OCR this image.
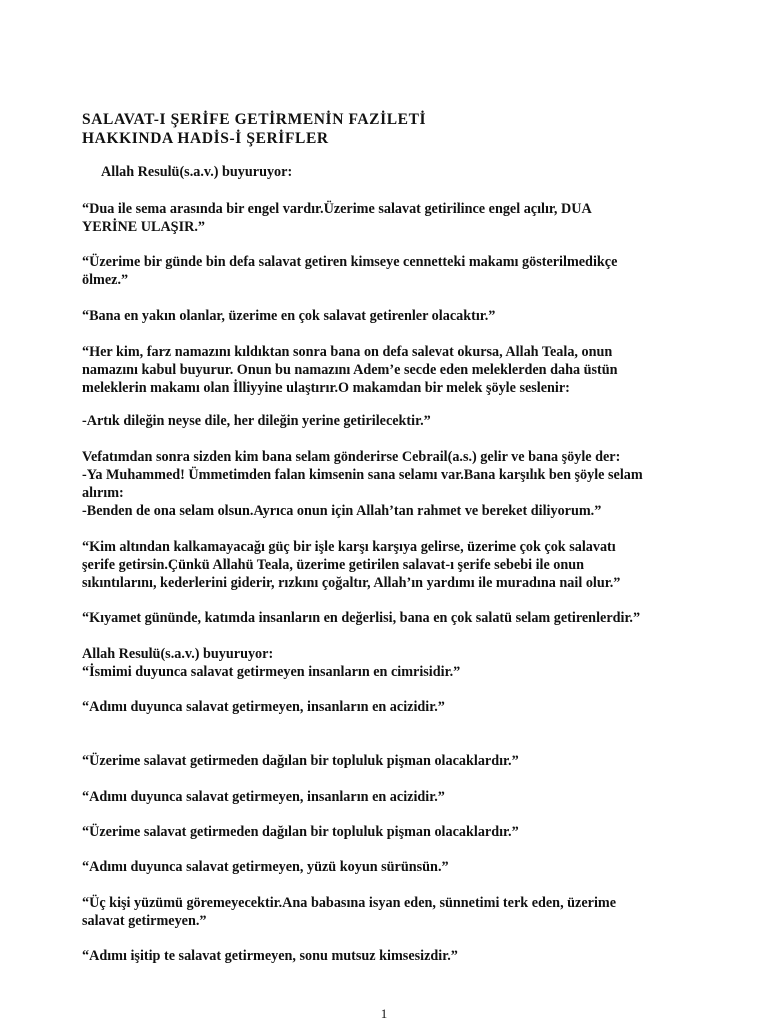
SALAVAT-I ŞERİFE GETİRMENİN FAZİLETİ
HAKKINDA HADİS-İ ŞERİFLER

Allah Resulü(s.a.v.) buyuruyor:

“Dua ile sema arasında bir engel vardır.Üzerime salavat getirilince engel açılır, DUA
YERİNE ULAŞIR.”

“Üzerime bir günde bin defa salavat getiren kimseye cennetteki makamı gösterilmedikçe
ölmez.”

“Bana en yakın olanlar, üzerime en çok salavat getirenler olacaktır.”

“Her kim, farz namazını kıldıktan sonra bana on defa salevat okursa, Allah Teala, onun
namazını kabul buyurur. Onun bu namazını Adem’e secde eden meleklerden daha üstün
meleklerin makamı olan İlliyyine ulaştırır.O makamdan bir melek şöyle seslenir:

-Artık dileğin neyse dile, her dileğin yerine getirilecektir.”

Vefatımdan sonra sizden kim bana selam gönderirse Cebrail(a.s.) gelir ve bana şöyle der:
-Ya Muhammed! Ümmetimden falan kimsenin sana selamı var.Bana karşılık ben şöyle selam
alırım:
-Benden de ona selam olsun.Ayrıca onun için Allah’tan rahmet ve bereket diliyorum.”

“Kim altından kalkamayacağı güç bir işle karşı karşıya gelirse, üzerime çok çok salavatı
şerife getirsin.Çünkü Allahü Teala, üzerime getirilen salavat-ı şerife sebebi ile onun
sıkıntılarını, kederlerini giderir, rızkını çoğaltır, Allah’ın yardımı ile muradına nail olur.”

“Kıyamet gününde, katımda insanların en değerlisi, bana en çok salatü selam getirenlerdir.”

Allah Resulü(s.a.v.) buyuruyor:
“İsmimi duyunca salavat getirmeyen insanların en cimrisidir.”

“Adımı duyunca salavat getirmeyen, insanların en acizidir.”

“Üzerime salavat getirmeden dağılan bir topluluk pişman olacaklardır.”

“Adımı duyunca salavat getirmeyen, insanların en acizidir.”

“Üzerime salavat getirmeden dağılan bir topluluk pişman olacaklardır.”

“Adımı duyunca salavat getirmeyen, yüzü koyun sürünsün.”

“Üç kişi yüzümü göremeyecektir.Ana babasına isyan eden, sünnetimi terk eden, üzerime
salavat getirmeyen.”

“Adımı işitip te salavat getirmeyen, sonu mutsuz kimsesizdir.”

1
